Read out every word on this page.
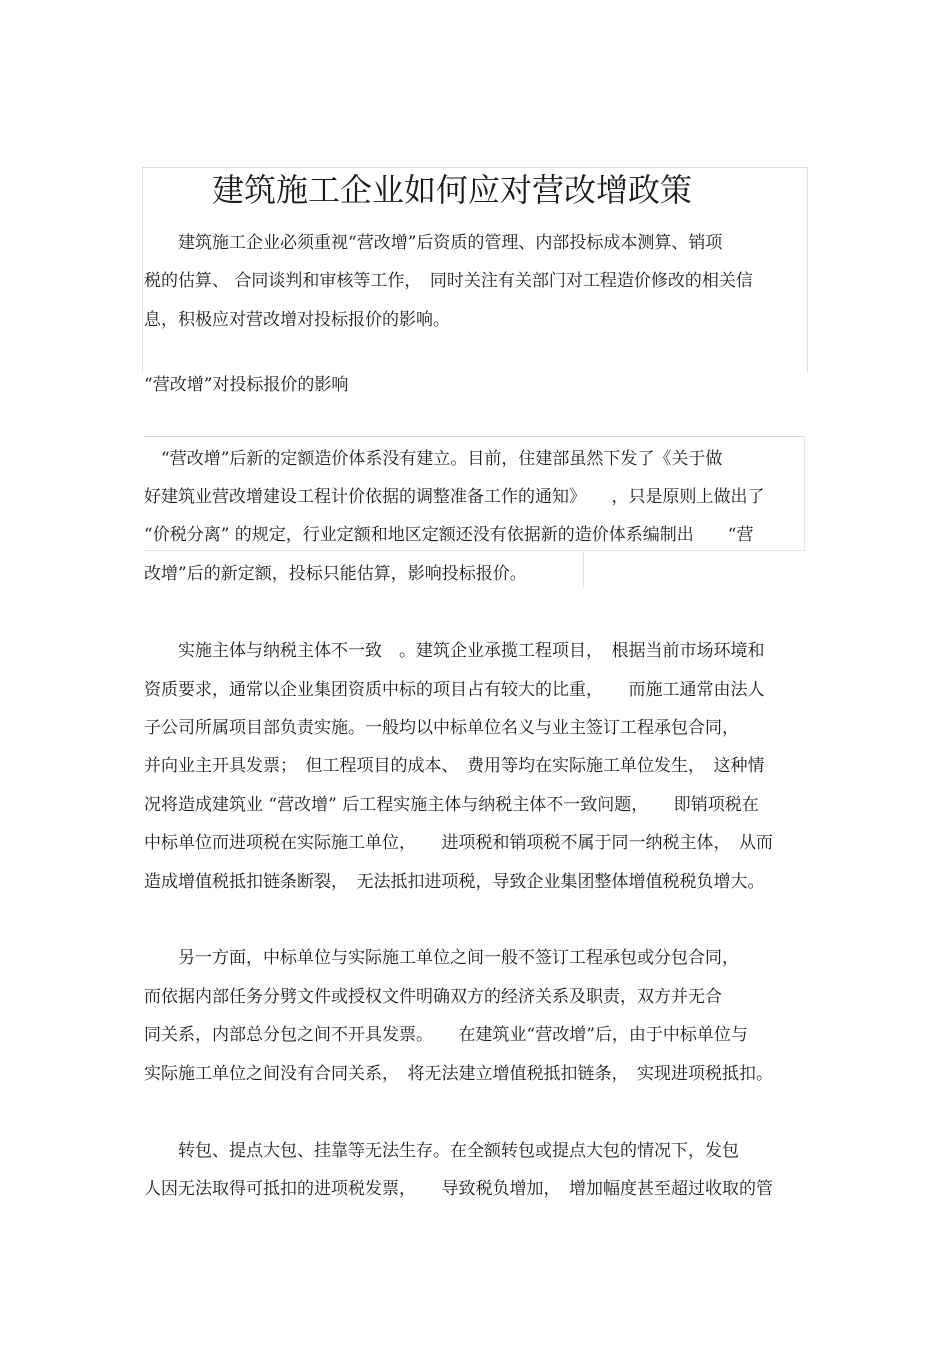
建筑施工企业如何应对营改增政策
　　建筑施工企业必须重视“营改增”后资质的管理、内部投标成本测算、销项
税的估算、 合同谈判和审核等工作，　同时关注有关部门对工程造价修改的相关信
息，积极应对营改增对投标报价的影响。
“营改增”对投标报价的影响
　“营改增”后新的定额造价体系没有建立。目前，住建部虽然下发了《关于做
好建筑业营改增建设工程计价依据的调整准备工作的通知》　　，只是原则上做出了
“价税分离” 的规定，行业定额和地区定额还没有依据新的造价体系编制出　　“营
改增”后的新定额，投标只能估算，影响投标报价。
　　实施主体与纳税主体不一致　。建筑企业承揽工程项目，　根据当前市场环境和
资质要求，通常以企业集团资质中标的项目占有较大的比重，　　而施工通常由法人
子公司所属项目部负责实施。一般均以中标单位名义与业主签订工程承包合同，
并向业主开具发票；　但工程项目的成本、　费用等均在实际施工单位发生，　这种情
况将造成建筑业 “营改增” 后工程实施主体与纳税主体不一致问题，　　即销项税在
中标单位而进项税在实际施工单位，　　进项税和销项税不属于同一纳税主体，　从而
造成增值税抵扣链条断裂，　无法抵扣进项税，导致企业集团整体增值税税负增大。
　　另一方面，中标单位与实际施工单位之间一般不签订工程承包或分包合同，
而依据内部任务分劈文件或授权文件明确双方的经济关系及职责，双方并无合
同关系，内部总分包之间不开具发票。　　在建筑业“营改增”后，由于中标单位与
实际施工单位之间没有合同关系，　将无法建立增值税抵扣链条，　实现进项税抵扣。
　　转包、提点大包、挂靠等无法生存。在全额转包或提点大包的情况下，发包
人因无法取得可抵扣的进项税发票，　　导致税负增加，　增加幅度甚至超过收取的管
